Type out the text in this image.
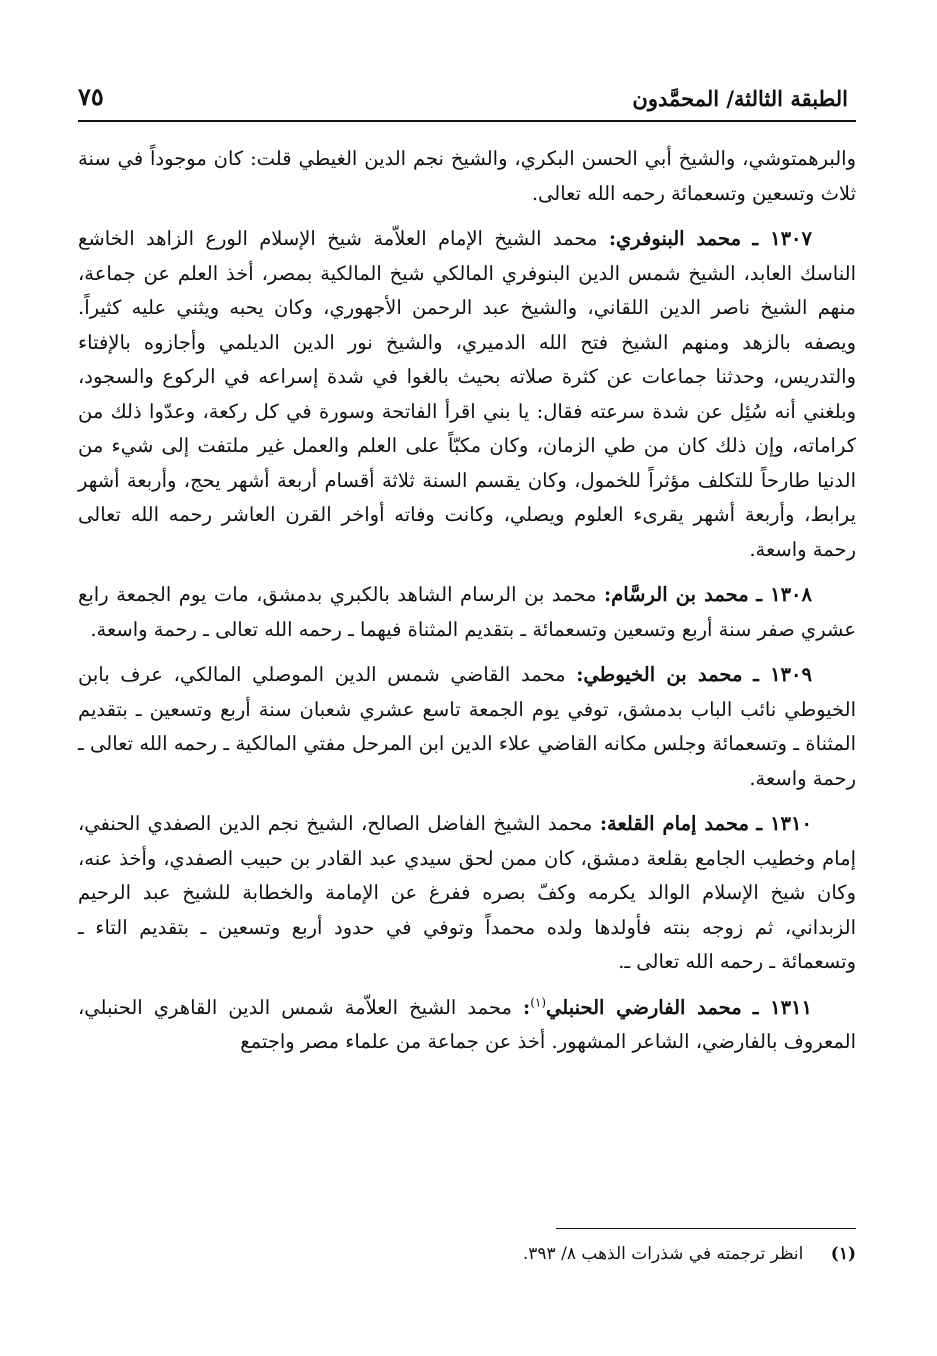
الطبقة الثالثة/ المحمَّدون
٧٥

والبرهمتوشي، والشيخ أبي الحسن البكري، والشيخ نجم الدين الغيطي قلت: كان موجوداً في سنة ثلاث وتسعين وتسعمائة رحمه الله تعالى.

١٣٠٧ ـ محمد البنوفري: محمد الشيخ الإمام العلاّمة شيخ الإسلام الورع الزاهد الخاشع الناسك العابد، الشيخ شمس الدين البنوفري المالكي شيخ المالكية بمصر، أخذ العلم عن جماعة، منهم الشيخ ناصر الدين اللقاني، والشيخ عبد الرحمن الأجهوري، وكان يحبه ويثني عليه كثيراً. ويصفه بالزهد ومنهم الشيخ فتح الله الدميري، والشيخ نور الدين الديلمي وأجازوه بالإفتاء والتدريس، وحدثنا جماعات عن كثرة صلاته بحيث بالغوا في شدة إسراعه في الركوع والسجود، وبلغني أنه سُئِل عن شدة سرعته فقال: يا بني اقرأ الفاتحة وسورة في كل ركعة، وعدّوا ذلك من كراماته، وإن ذلك كان من طي الزمان، وكان مكبّاً على العلم والعمل غير ملتفت إلى شيء من الدنيا طارحاً للتكلف مؤثراً للخمول، وكان يقسم السنة ثلاثة أقسام أربعة أشهر يحج، وأربعة أشهر يرابط، وأربعة أشهر يقرىء العلوم ويصلي، وكانت وفاته أواخر القرن العاشر رحمه الله تعالى رحمة واسعة.

١٣٠٨ ـ محمد بن الرسَّام: محمد بن الرسام الشاهد بالكبري بدمشق، مات يوم الجمعة رابع عشري صفر سنة أربع وتسعين وتسعمائة ـ بتقديم المثناة فيهما ـ رحمه الله تعالى ـ رحمة واسعة.

١٣٠٩ ـ محمد بن الخيوطي: محمد القاضي شمس الدين الموصلي المالكي، عرف بابن الخيوطي نائب الباب بدمشق، توفي يوم الجمعة تاسع عشري شعبان سنة أربع وتسعين ـ بتقديم المثناة ـ وتسعمائة وجلس مكانه القاضي علاء الدين ابن المرحل مفتي المالكية ـ رحمه الله تعالى ـ رحمة واسعة.

١٣١٠ ـ محمد إمام القلعة: محمد الشيخ الفاضل الصالح، الشيخ نجم الدين الصفدي الحنفي، إمام وخطيب الجامع بقلعة دمشق، كان ممن لحق سيدي عبد القادر بن حبيب الصفدي، وأخذ عنه، وكان شيخ الإسلام الوالد يكرمه وكفّ بصره ففرغ عن الإمامة والخطابة للشيخ عبد الرحيم الزبداني، ثم زوجه بنته فأولدها ولده محمداً وتوفي في حدود أربع وتسعين ـ بتقديم التاء ـ وتسعمائة ـ رحمه الله تعالى ـ.

١٣١١ ـ محمد الفارضي الحنبلي$^{(١)}$: محمد الشيخ العلاّمة شمس الدين القاهري الحنبلي، المعروف بالفارضي، الشاعر المشهور. أخذ عن جماعة من علماء مصر واجتمع

(١) انظر ترجمته في شذرات الذهب ٨/ ٣٩٣.
